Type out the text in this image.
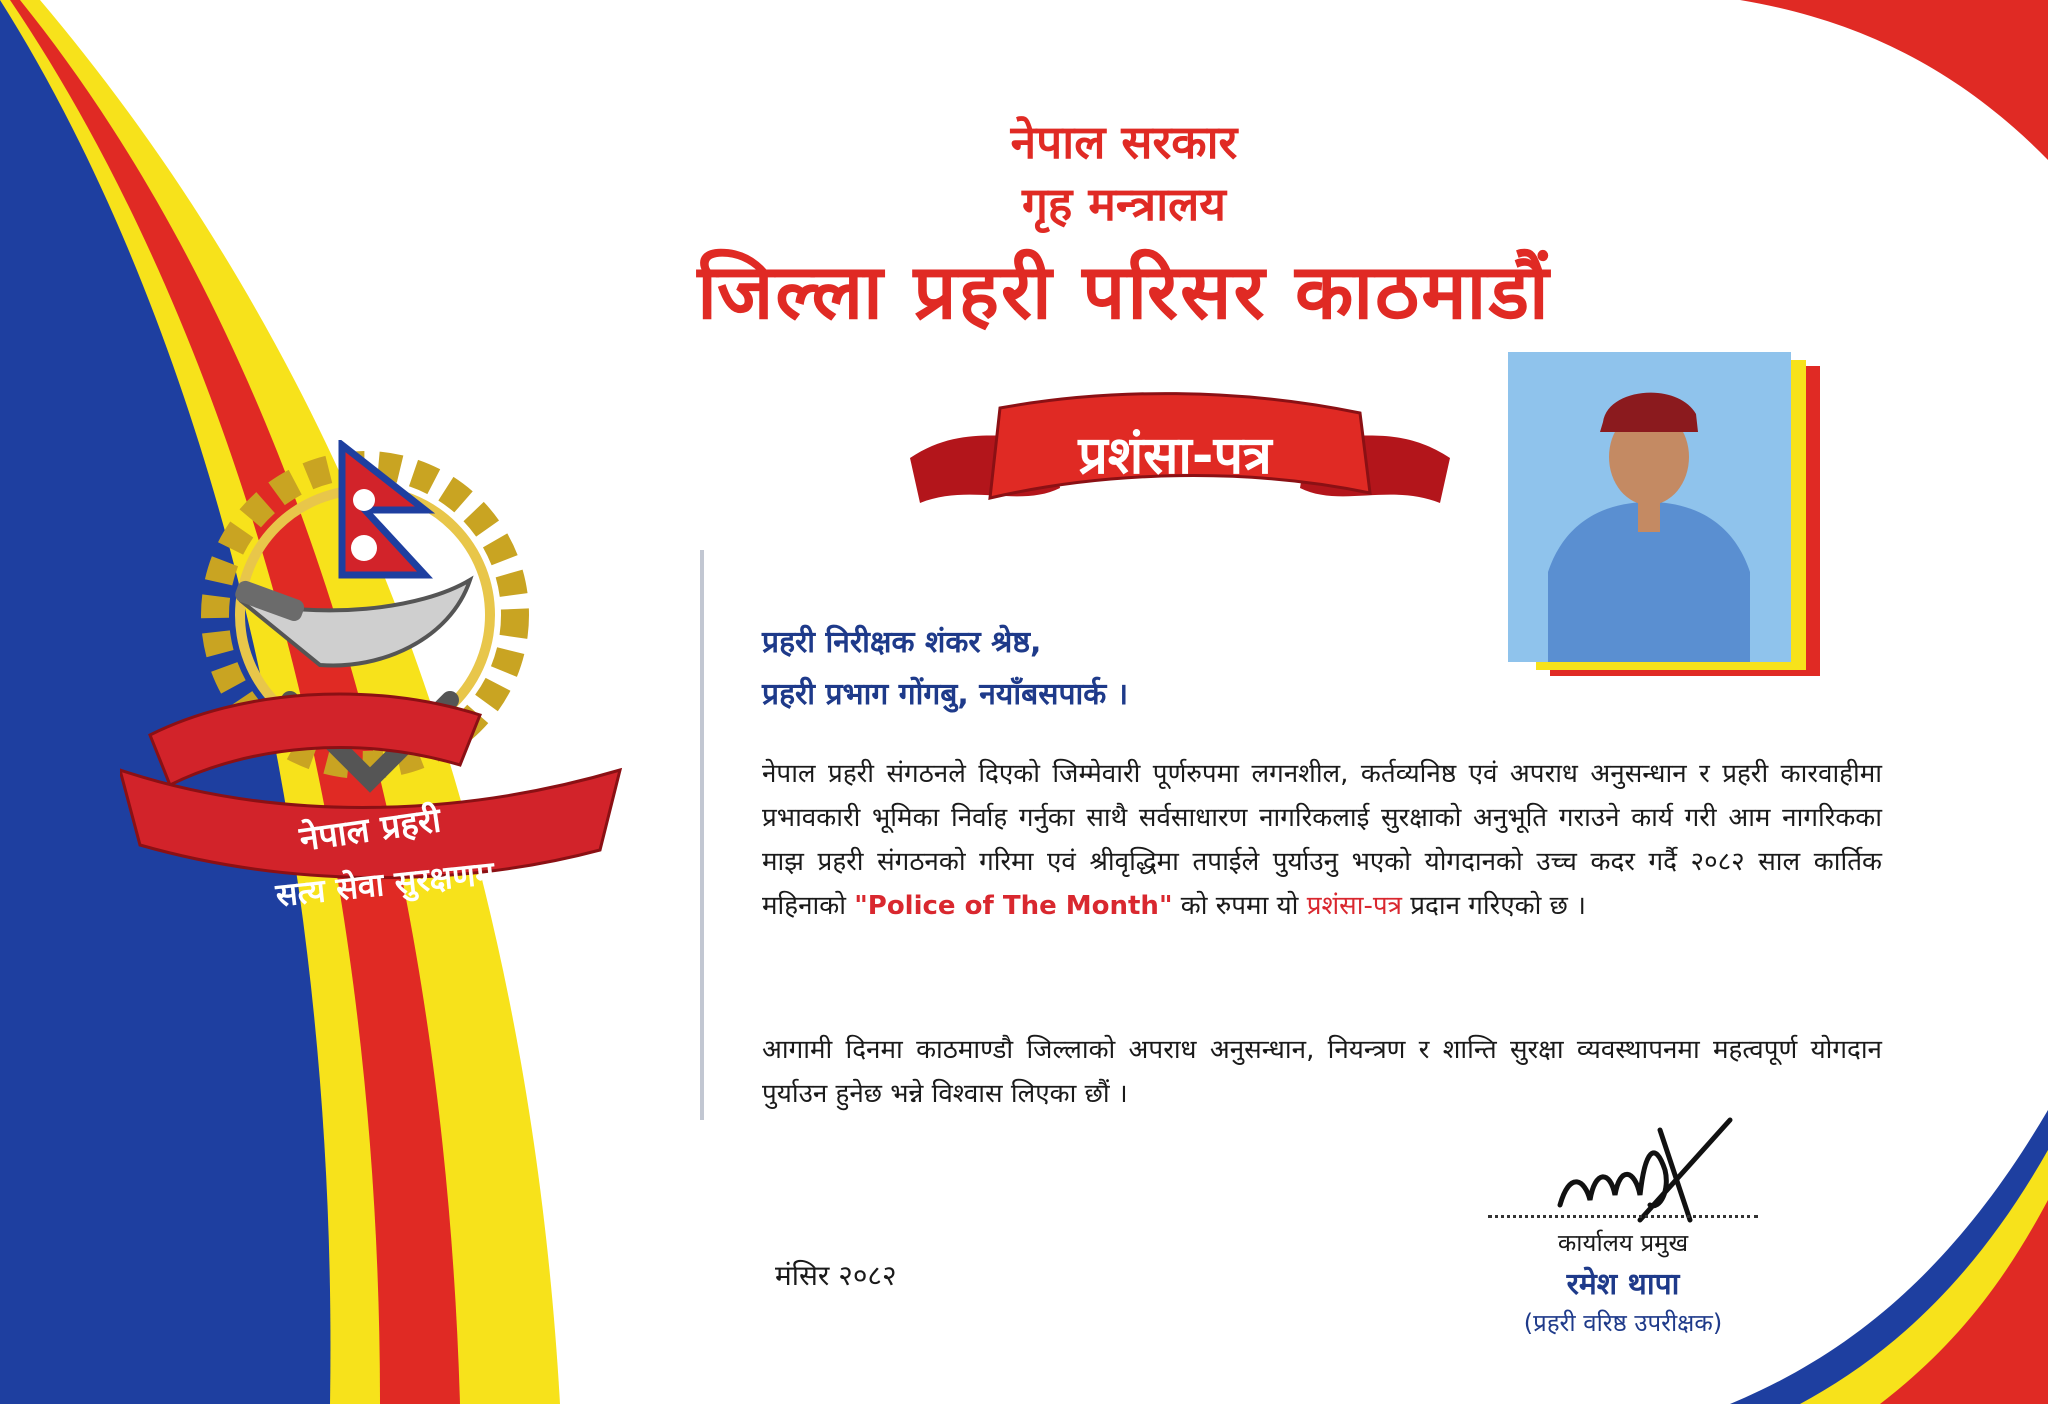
नेपाल प्रहरी
सत्य सेवा सुरक्षणम्
नेपाल सरकार
गृह मन्त्रालय
जिल्ला प्रहरी परिसर काठमाडौं
प्रशंसा-पत्र
प्रहरी निरीक्षक शंकर श्रेष्ठ,
प्रहरी प्रभाग गोंगबु, नयाँबसपार्क ।
नेपाल प्रहरी संगठनले दिएको जिम्मेवारी पूर्णरुपमा लगनशील, कर्तव्यनिष्ठ एवं अपराध अनुसन्धान र प्रहरी कारवाहीमा प्रभावकारी भूमिका निर्वाह गर्नुका साथै सर्वसाधारण नागरिकलाई सुरक्षाको अनुभूति गराउने कार्य गरी आम नागरिकका माझ प्रहरी संगठनको गरिमा एवं श्रीवृद्धिमा तपाईले पुर्याउनु भएको योगदानको उच्च कदर गर्दै २०८२ साल कार्तिक महिनाको "Police of The Month" को रुपमा यो प्रशंसा-पत्र प्रदान गरिएको छ ।
आगामी दिनमा काठमाण्डौ जिल्लाको अपराध अनुसन्धान, नियन्त्रण र शान्ति सुरक्षा व्यवस्थापनमा महत्वपूर्ण योगदान पुर्याउन हुनेछ भन्ने विश्वास लिएका छौं ।
मंसिर २०८२
कार्यालय प्रमुख
रमेश थापा
(प्रहरी वरिष्ठ उपरीक्षक)
